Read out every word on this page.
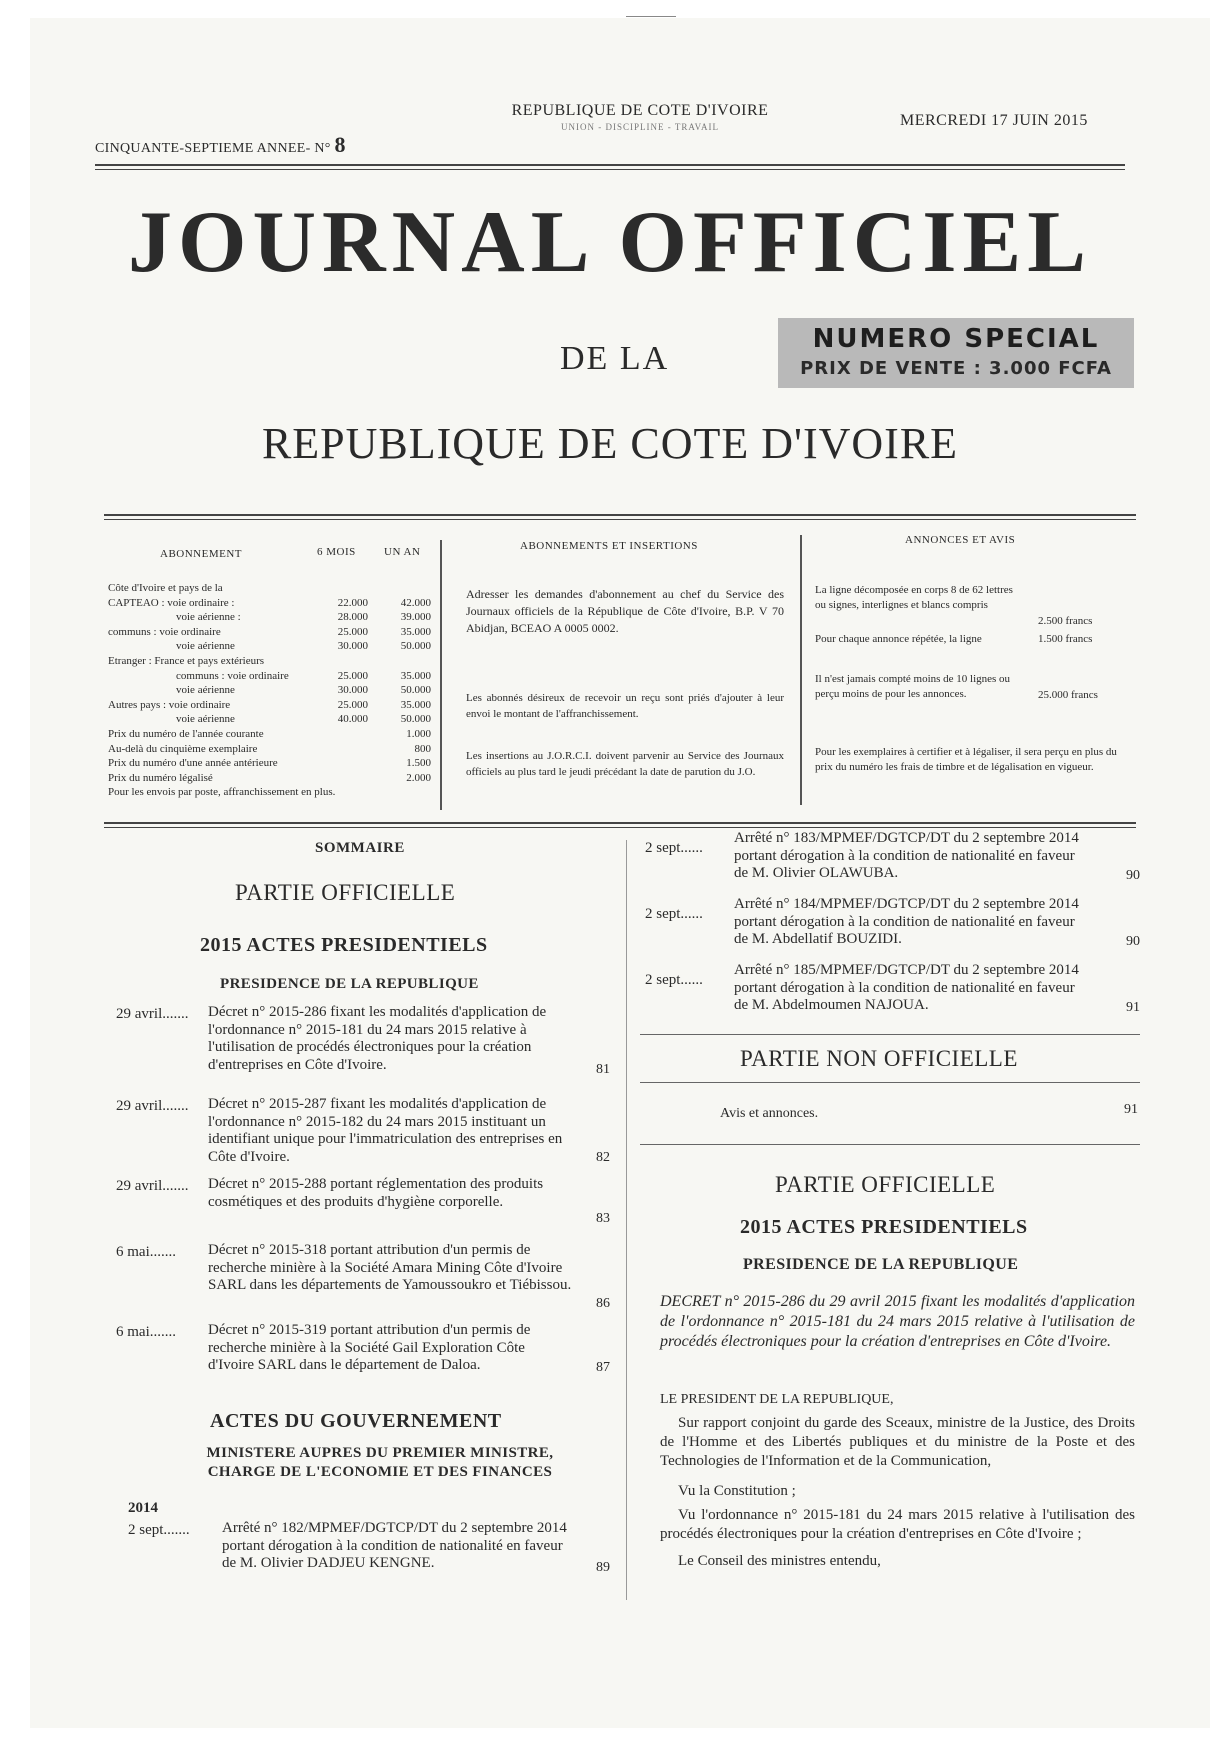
CINQUANTE-SEPTIEME ANNEE- N° 8
REPUBLIQUE DE COTE D'IVOIRE
UNION - DISCIPLINE - TRAVAIL	MERCREDI 17 JUIN 2015
JOURNAL OFFICIEL
DE LA
NUMERO SPECIAL
PRIX DE VENTE : 3.000 FCFA
REPUBLIQUE DE COTE D'IVOIRE
ABONNEMENT	6 MOIS	UN AN
Côte d'Ivoire et pays de la
CAPTEAO : voie ordinaire :	22.000	42.000
voie aérienne :	28.000	39.000
communs : voie ordinaire	25.000	35.000
voie aérienne	30.000	50.000
Etranger : France et pays extérieurs
communs : voie ordinaire	25.000	35.000
voie aérienne	30.000	50.000
Autres pays : voie ordinaire	25.000	35.000
voie aérienne	40.000	50.000
Prix du numéro de l'année courante	1.000
Au-delà du cinquième exemplaire	800
Prix du numéro d'une année antérieure	1.500
Prix du numéro légalisé	2.000
Pour les envois par poste, affranchissement en plus.
ABONNEMENTS ET INSERTIONS
Adresser les demandes d'abonnement au chef du Service des Journaux officiels de la République de Côte d'Ivoire, B.P. V 70 Abidjan, BCEAO A 0005 0002.
Les abonnés désireux de recevoir un reçu sont priés d'ajouter à leur envoi le montant de l'affranchissement.
Les insertions au J.O.R.C.I. doivent parvenir au Service des Journaux officiels au plus tard le jeudi précédant la date de parution du J.O.
ANNONCES ET AVIS
La ligne décomposée en corps 8 de 62 lettres ou signes, interlignes et blancs compris
2.500 francs
Pour chaque annonce répétée, la ligne	1.500 francs
Il n'est jamais compté moins de 10 lignes ou perçu moins de pour les annonces.	25.000 francs
Pour les exemplaires à certifier et à légaliser, il sera perçu en plus du prix du numéro les frais de timbre et de légalisation en vigueur.
SOMMAIRE
PARTIE OFFICIELLE
2015 ACTES PRESIDENTIELS
PRESIDENCE DE LA REPUBLIQUE
29 avril....... Décret n° 2015-286 fixant les modalités d'application de l'ordonnance n° 2015-181 du 24 mars 2015 relative à l'utilisation de procédés électroniques pour la création d'entreprises en Côte d'Ivoire.	81
29 avril....... Décret n° 2015-287 fixant les modalités d'application de l'ordonnance n° 2015-182 du 24 mars 2015 instituant un identifiant unique pour l'immatriculation des entreprises en Côte d'Ivoire.	82
29 avril....... Décret n° 2015-288 portant réglementation des produits cosmétiques et des produits d'hygiène corporelle.
83
6 mai....... Décret n° 2015-318 portant attribution d'un permis de recherche minière à la Société Amara Mining Côte d'Ivoire SARL dans les départements de Yamoussoukro et Tiébissou.
86
6 mai....... Décret n° 2015-319 portant attribution d'un permis de recherche minière à la Société Gail Exploration Côte d'Ivoire SARL dans le département de Daloa.	87
ACTES DU GOUVERNEMENT
MINISTERE AUPRES DU PREMIER MINISTRE, CHARGE DE L'ECONOMIE ET DES FINANCES
2014
2 sept....... Arrêté n° 182/MPMEF/DGTCP/DT du 2 septembre 2014 portant dérogation à la condition de nationalité en faveur de M. Olivier DADJEU KENGNE.	89
2 sept......
Arrêté n° 183/MPMEF/DGTCP/DT du 2 septembre 2014 portant dérogation à la condition de nationalité en faveur de M. Olivier OLAWUBA.	90
2 sept......
Arrêté n° 184/MPMEF/DGTCP/DT du 2 septembre 2014 portant dérogation à la condition de nationalité en faveur de M. Abdellatif BOUZIDI.	90
2 sept......
Arrêté n° 185/MPMEF/DGTCP/DT du 2 septembre 2014 portant dérogation à la condition de nationalité en faveur de M. Abdelmoumen NAJOUA.	91
PARTIE NON OFFICIELLE
Avis et annonces.	91
PARTIE OFFICIELLE
2015 ACTES PRESIDENTIELS
PRESIDENCE DE LA REPUBLIQUE
DECRET n° 2015-286 du 29 avril 2015 fixant les modalités d'application de l'ordonnance n° 2015-181 du 24 mars 2015 relative à l'utilisation de procédés électroniques pour la création d'entreprises en Côte d'Ivoire.
LE PRESIDENT DE LA REPUBLIQUE,
Sur rapport conjoint du garde des Sceaux, ministre de la Justice, des Droits de l'Homme et des Libertés publiques et du ministre de la Poste et des Technologies de l'Information et de la Communication,
Vu la Constitution ;
Vu l'ordonnance n° 2015-181 du 24 mars 2015 relative à l'utilisation des procédés électroniques pour la création d'entreprises en Côte d'Ivoire ;
Le Conseil des ministres entendu,
